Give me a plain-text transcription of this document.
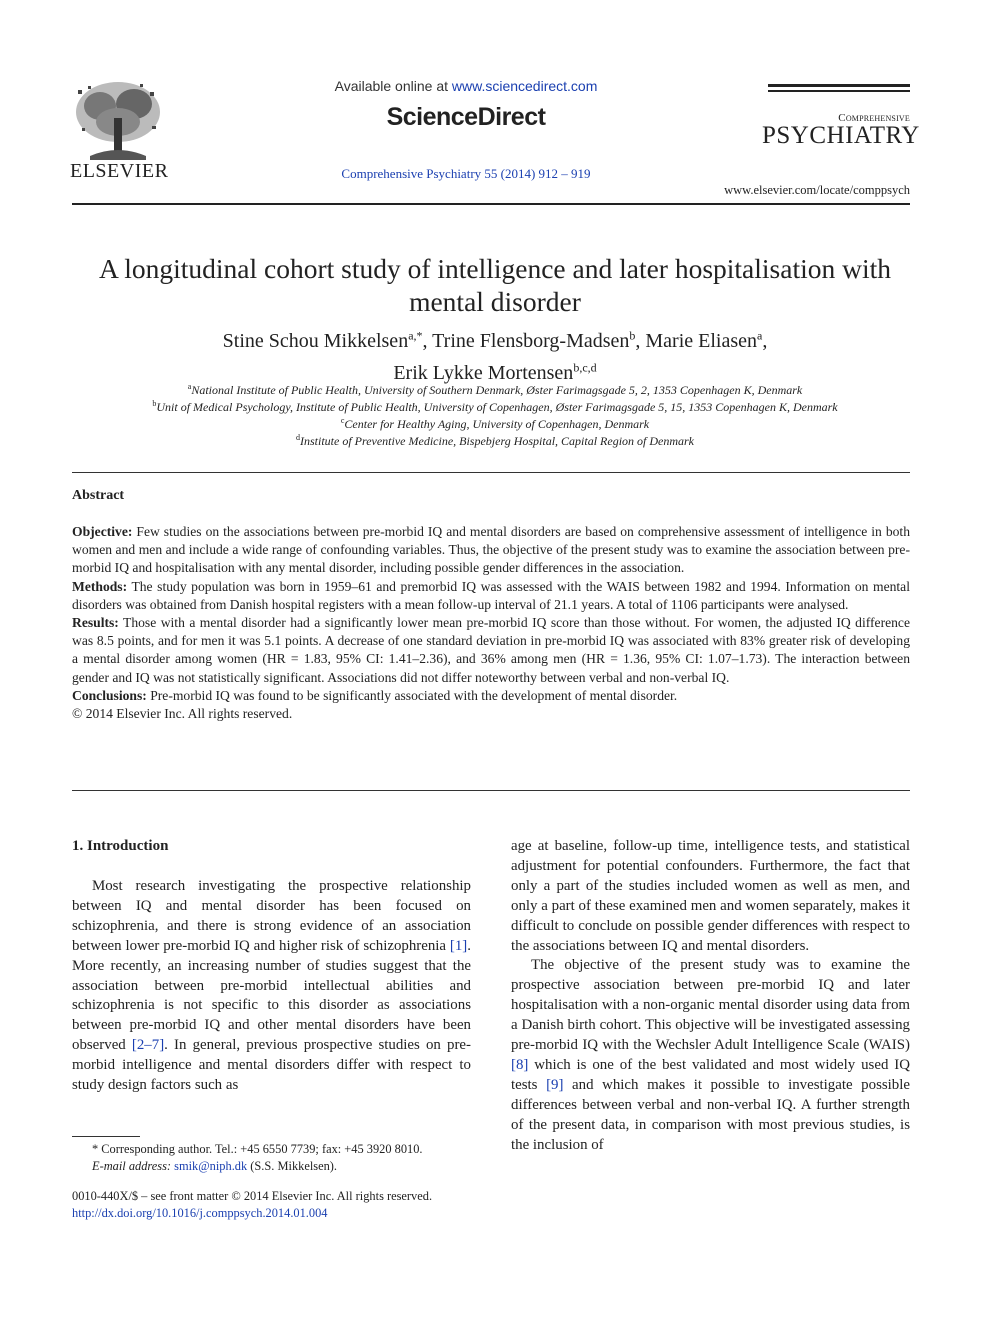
ELSEVIER
Available online at www.sciencedirect.com
ScienceDirect
Comprehensive Psychiatry 55 (2014) 912 – 919
Comprehensive
PSYCHIATRY
www.elsevier.com/locate/comppsych
A longitudinal cohort study of intelligence and later hospitalisation with mental disorder
Stine Schou Mikkelsen$^{a,*}$, Trine Flensborg-Madsen$^b$, Marie Eliasen$^a$,
Erik Lykke Mortensen$^{b,c,d}$
$^a$National Institute of Public Health, University of Southern Denmark, Øster Farimagsgade 5, 2, 1353 Copenhagen K, Denmark
$^b$Unit of Medical Psychology, Institute of Public Health, University of Copenhagen, Øster Farimagsgade 5, 15, 1353 Copenhagen K, Denmark
$^c$Center for Healthy Aging, University of Copenhagen, Denmark
$^d$Institute of Preventive Medicine, Bispebjerg Hospital, Capital Region of Denmark
Abstract

Objective: Few studies on the associations between pre-morbid IQ and mental disorders are based on comprehensive assessment of intelligence in both women and men and include a wide range of confounding variables. Thus, the objective of the present study was to examine the association between pre-morbid IQ and hospitalisation with any mental disorder, including possible gender differences in the association.

Methods: The study population was born in 1959–61 and premorbid IQ was assessed with the WAIS between 1982 and 1994. Information on mental disorders was obtained from Danish hospital registers with a mean follow-up interval of 21.1 years. A total of 1106 participants were analysed.

Results: Those with a mental disorder had a significantly lower mean pre-morbid IQ score than those without. For women, the adjusted IQ difference was 8.5 points, and for men it was 5.1 points. A decrease of one standard deviation in pre-morbid IQ was associated with 83% greater risk of developing a mental disorder among women (HR = 1.83, 95% CI: 1.41–2.36), and 36% among men (HR = 1.36, 95% CI: 1.07–1.73). The interaction between gender and IQ was not statistically significant. Associations did not differ noteworthy between verbal and non-verbal IQ.

Conclusions: Pre-morbid IQ was found to be significantly associated with the development of mental disorder.

© 2014 Elsevier Inc. All rights reserved.

1. Introduction

Most research investigating the prospective relationship between IQ and mental disorder has been focused on schizophrenia, and there is strong evidence of an association between lower pre-morbid IQ and higher risk of schizophrenia [1]. More recently, an increasing number of studies suggest that the association between pre-morbid intellectual abilities and schizophrenia is not specific to this disorder as associations between pre-morbid IQ and other mental disorders have been observed [2–7]. In general, previous prospective studies on pre-morbid intelligence and mental disorders differ with respect to study design factors such as

age at baseline, follow-up time, intelligence tests, and statistical adjustment for potential confounders. Furthermore, the fact that only a part of the studies included women as well as men, and only a part of these examined men and women separately, makes it difficult to conclude on possible gender differences with respect to the associations between IQ and mental disorders.

The objective of the present study was to examine the prospective association between pre-morbid IQ and later hospitalisation with a non-organic mental disorder using data from a Danish birth cohort. This objective will be investigated assessing pre-morbid IQ with the Wechsler Adult Intelligence Scale (WAIS) [8] which is one of the best validated and most widely used IQ tests [9] and which makes it possible to investigate possible differences between verbal and non-verbal IQ. A further strength of the present data, in comparison with most previous studies, is the inclusion of

* Corresponding author. Tel.: +45 6550 7739; fax: +45 3920 8010.
E-mail address: smik@niph.dk (S.S. Mikkelsen).
0010-440X/$ – see front matter © 2014 Elsevier Inc. All rights reserved.
http://dx.doi.org/10.1016/j.comppsych.2014.01.004
